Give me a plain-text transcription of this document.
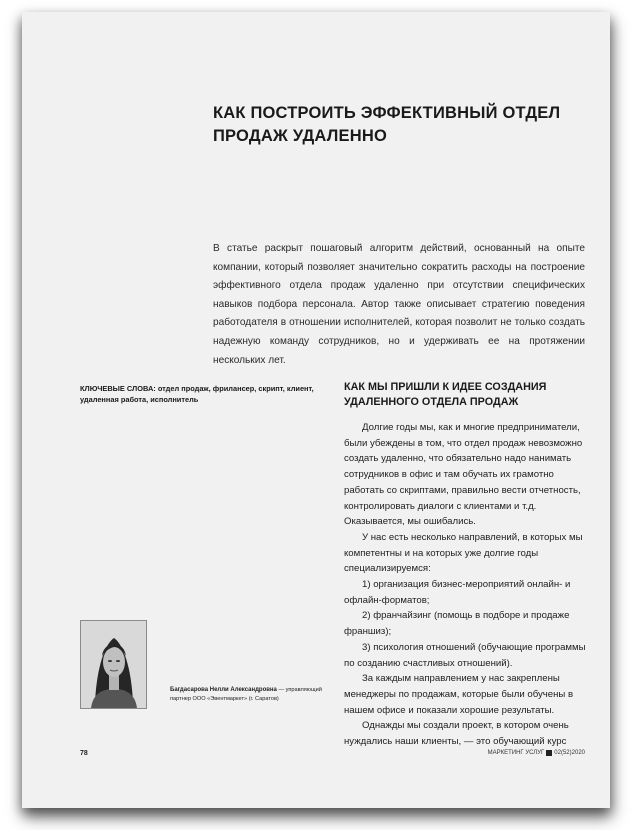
КАК ПОСТРОИТЬ ЭФФЕКТИВНЫЙ ОТДЕЛ ПРОДАЖ УДАЛЕННО

В статье раскрыт пошаговый алгоритм действий, основанный на опыте компании, который позволяет значительно сократить расходы на построение эффективного отдела продаж удаленно при отсутствии специфических навыков подбора персонала. Автор также описывает стратегию поведения работодателя в отношении исполнителей, которая позволит не только создать надежную команду сотрудников, но и удерживать ее на протяжении нескольких лет.

КЛЮЧЕВЫЕ СЛОВА: отдел продаж, фрилансер, скрипт, клиент, удаленная работа, исполнитель

КАК МЫ ПРИШЛИ К ИДЕЕ СОЗДАНИЯ УДАЛЕННОГО ОТДЕЛА ПРОДАЖ

Долгие годы мы, как и многие предприниматели, были убеждены в том, что отдел продаж невозможно создать удаленно, что обязательно надо нанимать сотрудников в офис и там обучать их грамотно работать со скриптами, правильно вести отчетность, контролировать диалоги с клиентами и т.д. Оказывается, мы ошибались.

У нас есть несколько направлений, в которых мы компетентны и на которых уже долгие годы специализируемся:

1) организация бизнес-мероприятий онлайн- и офлайн-форматов;

2) франчайзинг (помощь в подборе и продаже франшиз);

3) психология отношений (обучающие программы по созданию счастливых отношений).

За каждым направлением у нас закреплены менеджеры по продажам, которые были обучены в нашем офисе и показали хорошие результаты.

Однажды мы создали проект, в котором очень нуждались наши клиенты, — это обучающий курс

Багдасарова Нелли Александровна — управляющий партнер ООО «Эвентмаркет» (г. Саратов)

78	МАРКЕТИНГ УСЛУГ 02(52)2020
